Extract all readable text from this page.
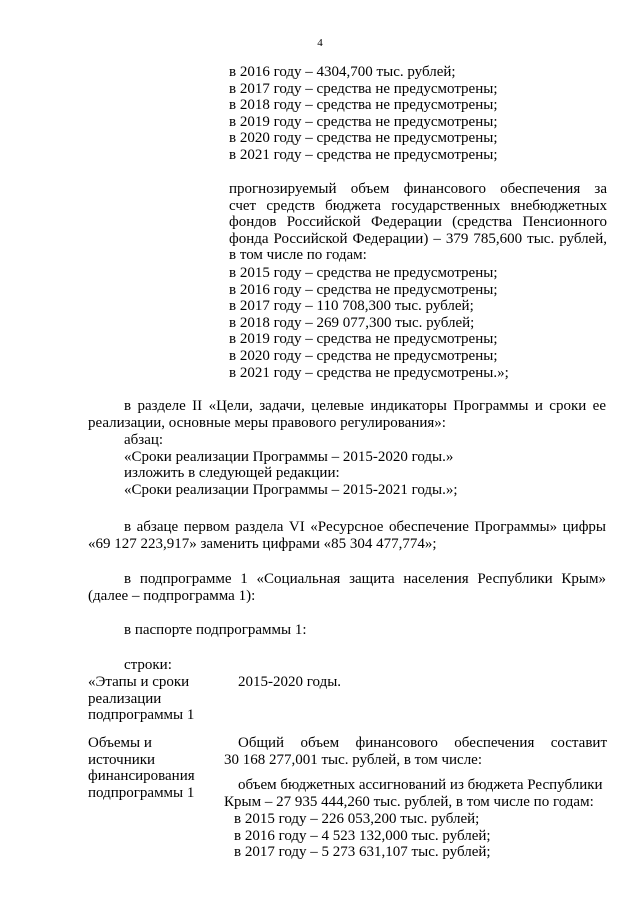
4
в 2016 году – 4304,700 тыс. рублей;
в 2017 году – средства не предусмотрены;
в 2018 году – средства не предусмотрены;
в 2019 году – средства не предусмотрены;
в 2020 году – средства не предусмотрены;
в 2021 году – средства не предусмотрены;
прогнозируемый объем финансового обеспечения за
счет средств бюджета государственных внебюджетных
фондов Российской Федерации (средства Пенсионного
фонда Российской Федерации) – 379 785,600 тыс. рублей,
в том числе по годам:
в 2015 году – средства не предусмотрены;
в 2016 году – средства не предусмотрены;
в 2017 году – 110 708,300 тыс. рублей;
в 2018 году – 269 077,300 тыс. рублей;
в 2019 году – средства не предусмотрены;
в 2020 году – средства не предусмотрены;
в 2021 году – средства не предусмотрены.»;
в разделе II «Цели, задачи, целевые индикаторы Программы и сроки ее
реализации, основные меры правового регулирования»:
абзац:
«Сроки реализации Программы – 2015-2020 годы.»
изложить в следующей редакции:
«Сроки реализации Программы – 2015-2021 годы.»;
в абзаце первом раздела VI «Ресурсное обеспечение Программы» цифры
«69 127 223,917» заменить цифрами «85 304 477,774»;
в подпрограмме 1 «Социальная защита населения Республики Крым»
(далее – подпрограмма 1):
в паспорте подпрограммы 1:
строки:
«Этапы и сроки
реализации
подпрограммы 1
2015-2020 годы.
Объемы и
источники
финансирования
подпрограммы 1
Общий объем финансового обеспечения составит
30 168 277,001 тыс. рублей, в том числе:
объем бюджетных ассигнований из бюджета Республики
Крым – 27 935 444,260 тыс. рублей, в том числе по годам:
в 2015 году – 226 053,200 тыс. рублей;
в 2016 году – 4 523 132,000 тыс. рублей;
в 2017 году – 5 273 631,107 тыс. рублей;
